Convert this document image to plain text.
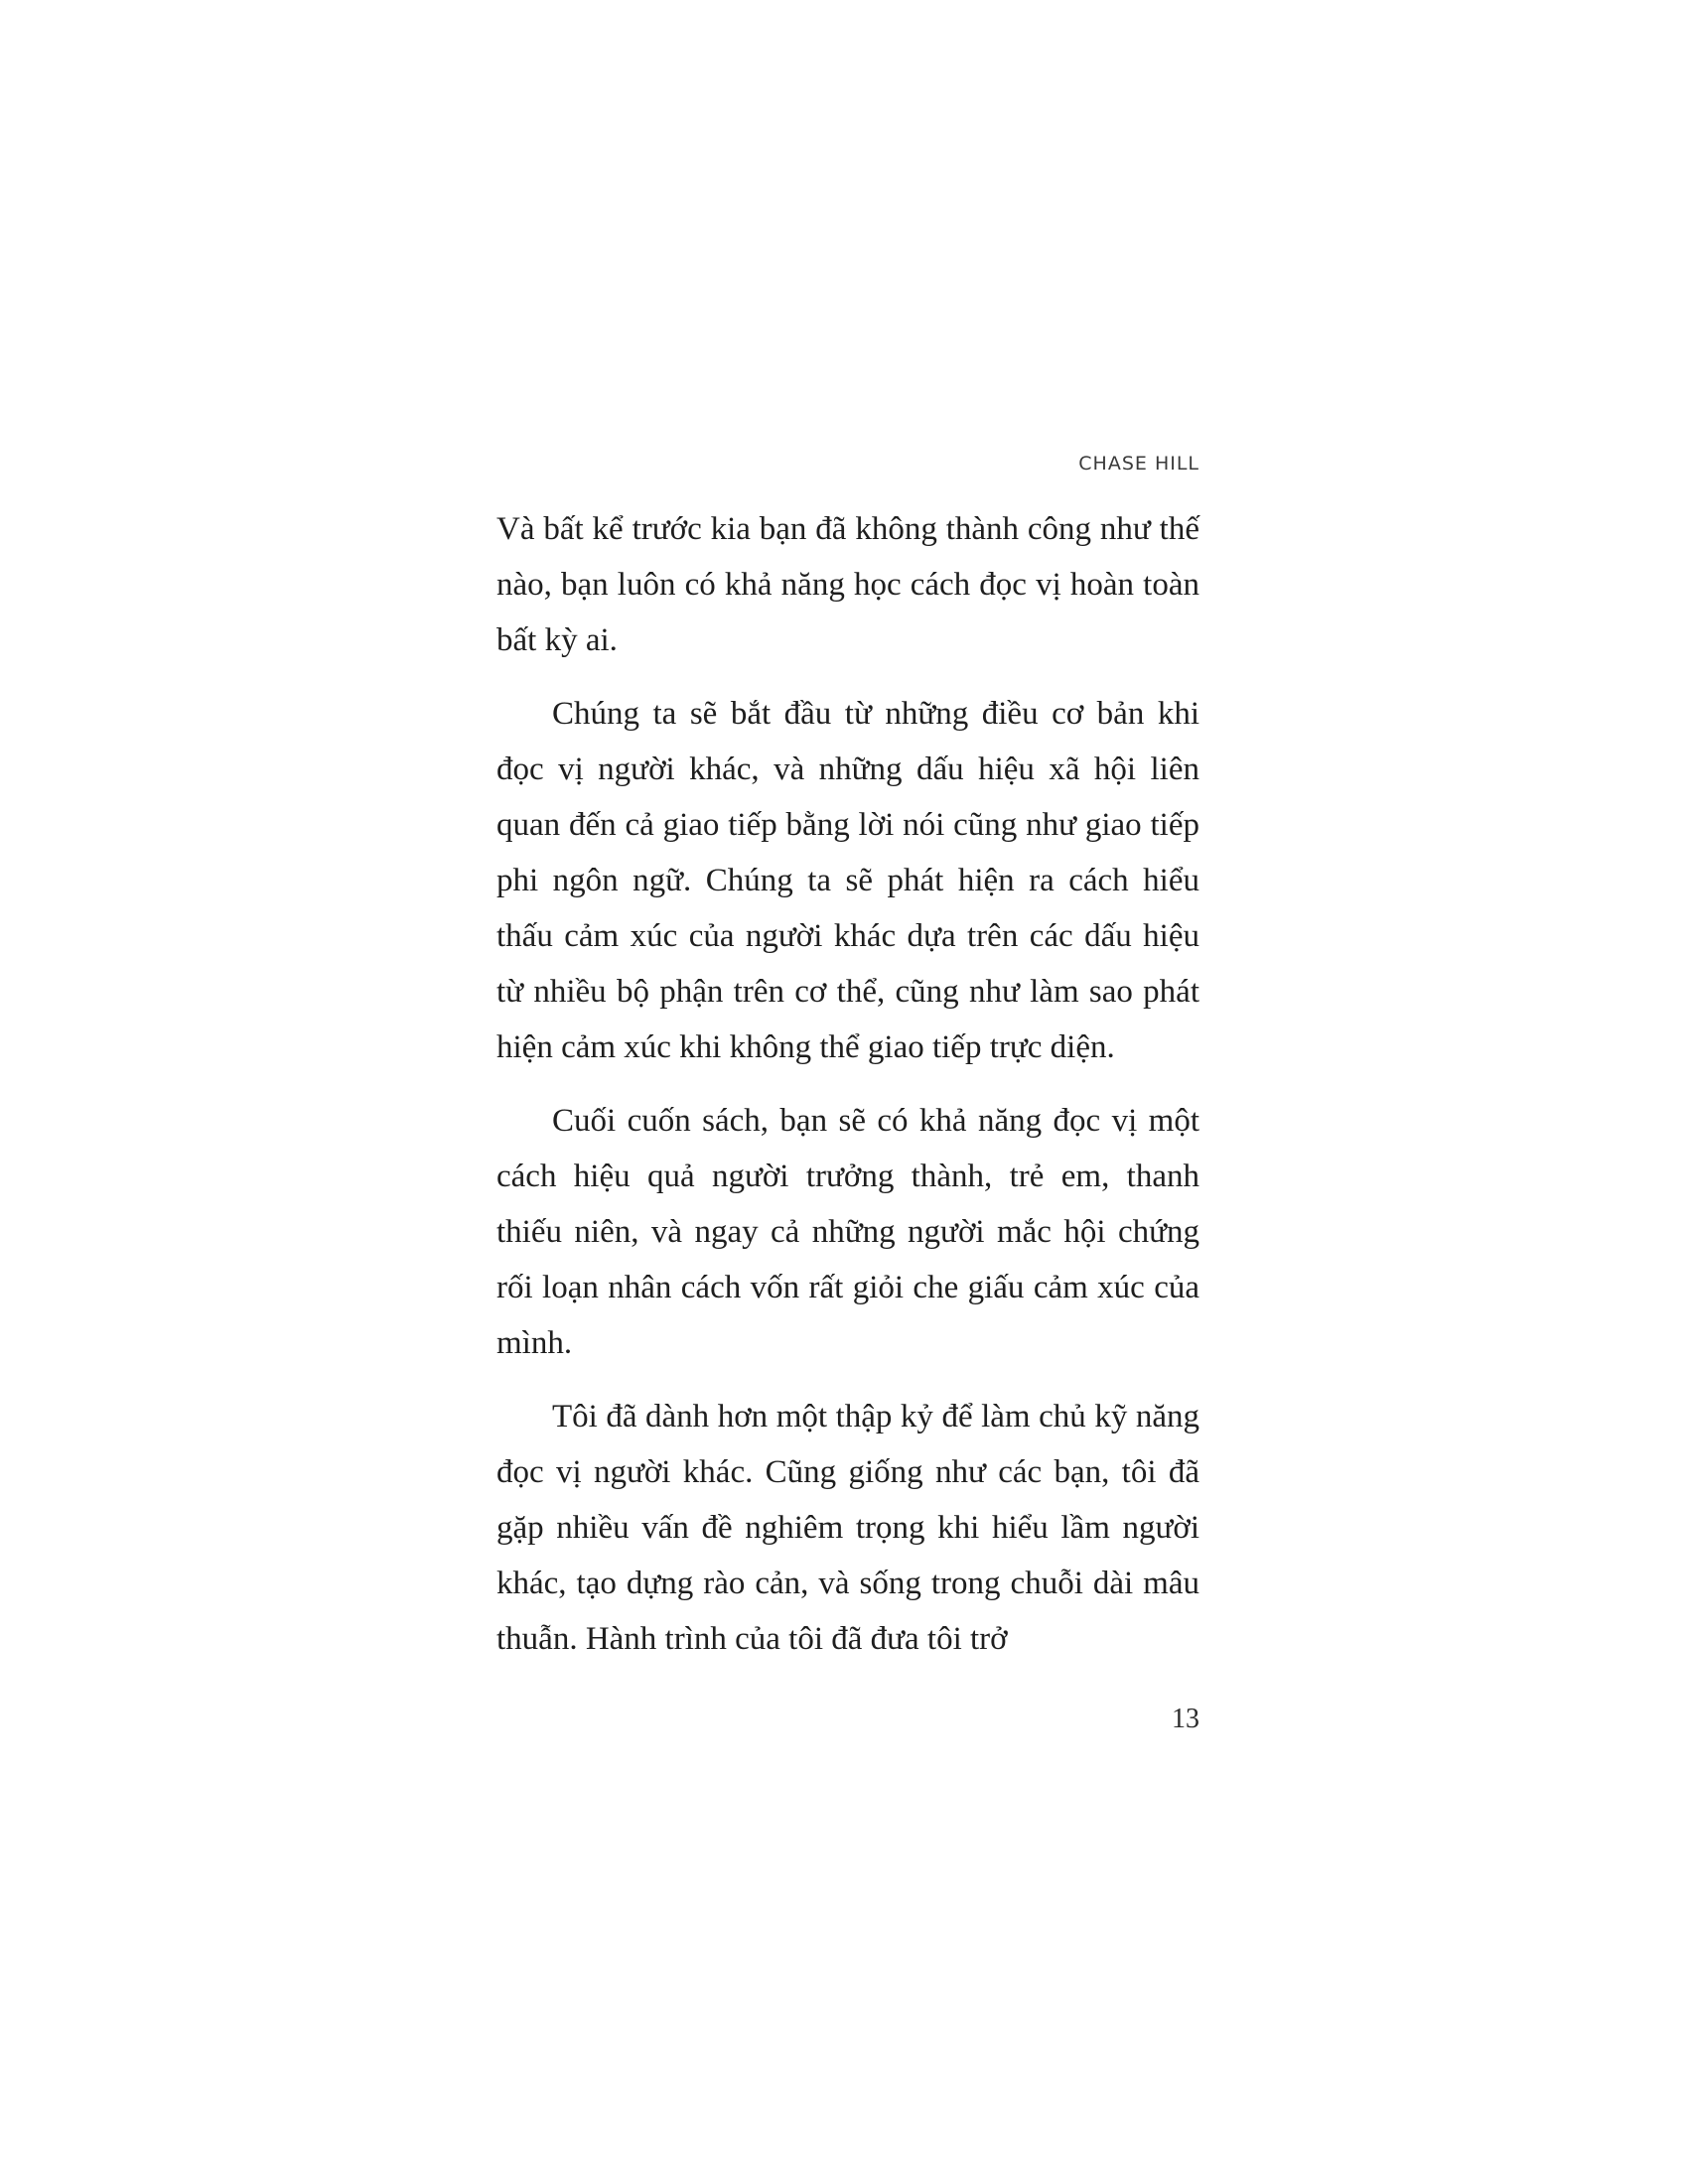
CHASE HILL

Và bất kể trước kia bạn đã không thành công như thế nào, bạn luôn có khả năng học cách đọc vị hoàn toàn bất kỳ ai.

Chúng ta sẽ bắt đầu từ những điều cơ bản khi đọc vị người khác, và những dấu hiệu xã hội liên quan đến cả giao tiếp bằng lời nói cũng như giao tiếp phi ngôn ngữ. Chúng ta sẽ phát hiện ra cách hiểu thấu cảm xúc của người khác dựa trên các dấu hiệu từ nhiều bộ phận trên cơ thể, cũng như làm sao phát hiện cảm xúc khi không thể giao tiếp trực diện.

Cuối cuốn sách, bạn sẽ có khả năng đọc vị một cách hiệu quả người trưởng thành, trẻ em, thanh thiếu niên, và ngay cả những người mắc hội chứng rối loạn nhân cách vốn rất giỏi che giấu cảm xúc của mình.

Tôi đã dành hơn một thập kỷ để làm chủ kỹ năng đọc vị người khác. Cũng giống như các bạn, tôi đã gặp nhiều vấn đề nghiêm trọng khi hiểu lầm người khác, tạo dựng rào cản, và sống trong chuỗi dài mâu thuẫn. Hành trình của tôi đã đưa tôi trở

13
